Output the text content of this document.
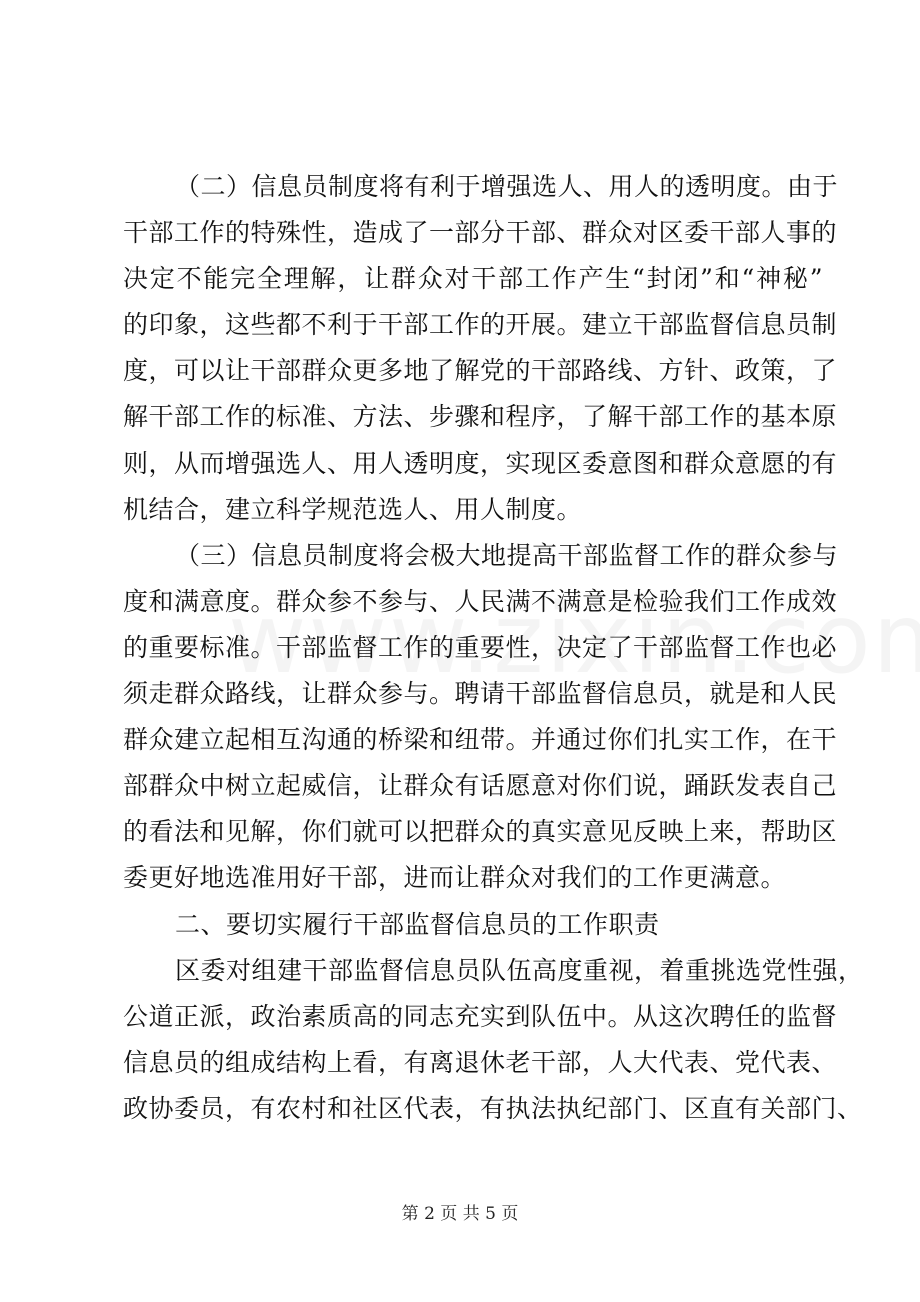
（二）信息员制度将有利于增强选人、用人的透明度。由于
干部工作的特殊性，造成了一部分干部、群众对区委干部人事的
决定不能完全理解，让群众对干部工作产生“封闭”和“神秘”
的印象，这些都不利于干部工作的开展。建立干部监督信息员制
度，可以让干部群众更多地了解党的干部路线、方针、政策，了
解干部工作的标准、方法、步骤和程序，了解干部工作的基本原
则，从而增强选人、用人透明度，实现区委意图和群众意愿的有
机结合，建立科学规范选人、用人制度。
（三）信息员制度将会极大地提高干部监督工作的群众参与
度和满意度。群众参不参与、人民满不满意是检验我们工作成效
的重要标准。干部监督工作的重要性，决定了干部监督工作也必
须走群众路线，让群众参与。聘请干部监督信息员，就是和人民
群众建立起相互沟通的桥梁和纽带。并通过你们扎实工作，在干
部群众中树立起威信，让群众有话愿意对你们说，踊跃发表自己
的看法和见解，你们就可以把群众的真实意见反映上来，帮助区
委更好地选准用好干部，进而让群众对我们的工作更满意。
二、要切实履行干部监督信息员的工作职责
区委对组建干部监督信息员队伍高度重视，着重挑选党性强，
公道正派，政治素质高的同志充实到队伍中。从这次聘任的监督
信息员的组成结构上看，有离退休老干部，人大代表、党代表、
政协委员，有农村和社区代表，有执法执纪部门、区直有关部门、
第 2 页 共 5 页
